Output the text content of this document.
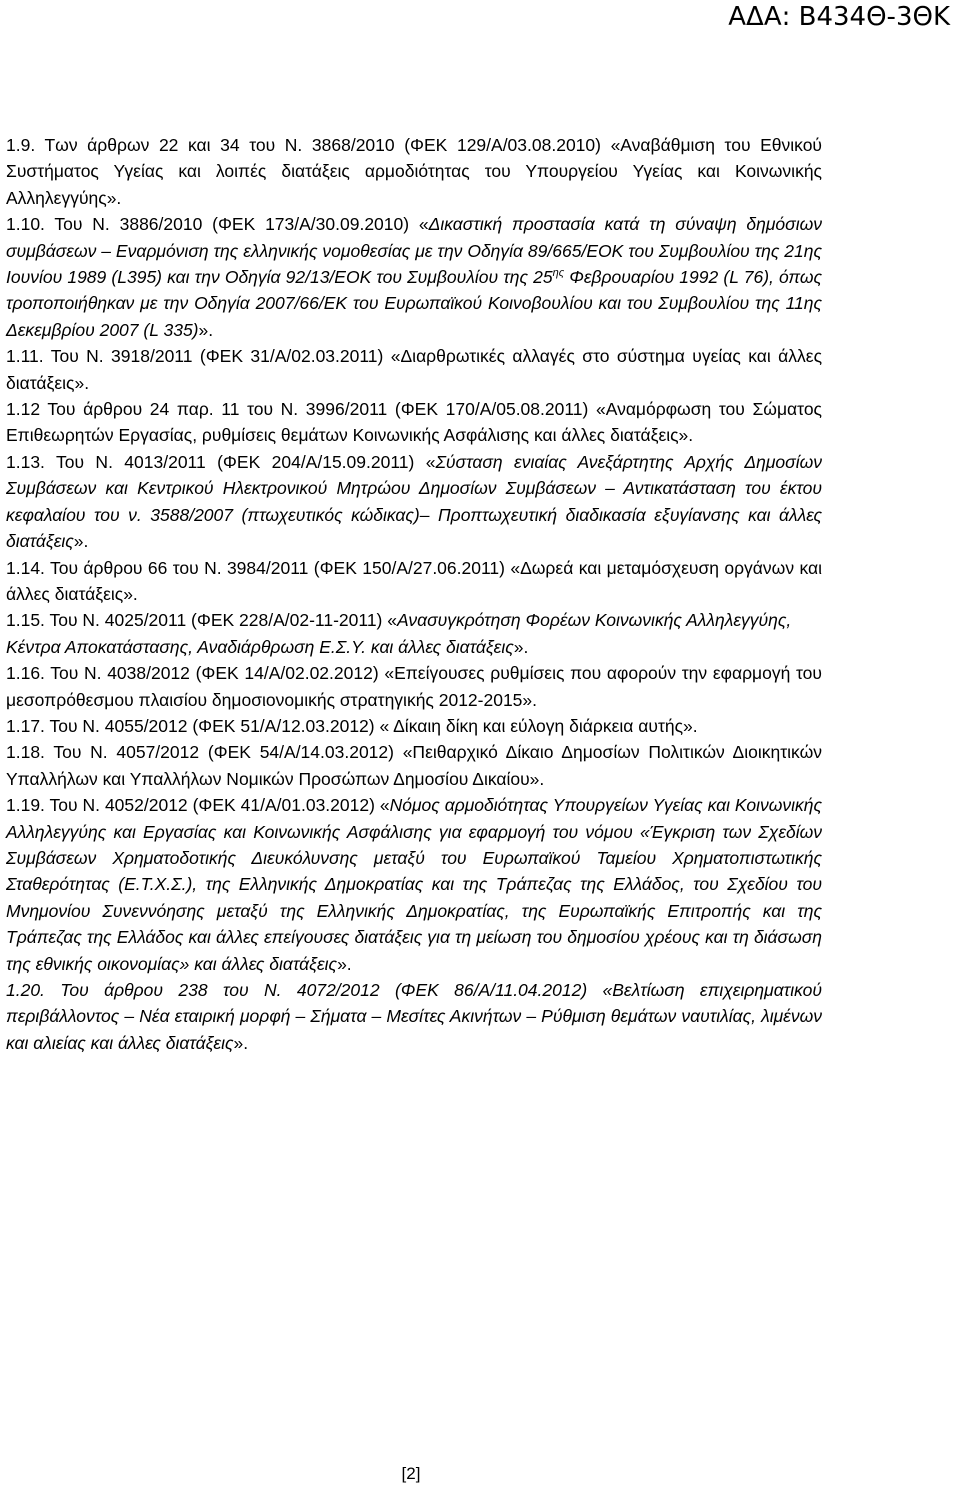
ΑΔΑ: Β434Θ-3ΘΚ

1.9. Των άρθρων 22 και 34 του Ν. 3868/2010 (ΦΕΚ 129/Α/03.08.2010) «Αναβάθμιση του Εθνικού Συστήματος Υγείας και λοιπές διατάξεις αρμοδιότητας του Υπουργείου Υγείας και Κοινωνικής Αλληλεγγύης».

1.10. Του Ν. 3886/2010 (ΦΕΚ 173/Α/30.09.2010) «Δικαστική προστασία κατά τη σύναψη δημόσιων συμβάσεων ‒ Εναρμόνιση της ελληνικής νομοθεσίας με την Οδηγία 89/665/ΕΟΚ του Συμβουλίου της 21ης Ιουνίου 1989 (L395) και την Οδηγία 92/13/ΕΟΚ του Συμβουλίου της $25^{\eta\varsigma}$ Φεβρουαρίου 1992 (L 76), όπως τροποποιήθηκαν με την Οδηγία 2007/66/ΕΚ του Ευρωπαϊκού Κοινοβουλίου και του Συμβουλίου της 11ης Δεκεμβρίου 2007 (L 335)».

1.11. Του Ν. 3918/2011 (ΦΕΚ 31/Α/02.03.2011) «Διαρθρωτικές αλλαγές στο σύστημα υγείας και άλλες διατάξεις».

1.12 Του άρθρου 24 παρ. 11 του Ν. 3996/2011 (ΦΕΚ 170/Α/05.08.2011) «Αναμόρφωση του Σώματος Επιθεωρητών Εργασίας, ρυθμίσεις θεμάτων Κοινωνικής Ασφάλισης και άλλες διατάξεις».

1.13. Του Ν. 4013/2011 (ΦΕΚ 204/Α/15.09.2011) «Σύσταση ενιαίας Ανεξάρτητης Αρχής Δημοσίων Συμβάσεων και Κεντρικού Ηλεκτρονικού Μητρώου Δημοσίων Συμβάσεων ‒ Αντικατάσταση του έκτου κεφαλαίου του ν. 3588/2007 (πτωχευτικός κώδικας)‒ Προπτωχευτική διαδικασία εξυγίανσης και άλλες διατάξεις».

1.14. Του άρθρου 66 του Ν. 3984/2011 (ΦΕΚ 150/Α/27.06.2011) «Δωρεά και μεταμόσχευση οργάνων και άλλες διατάξεις».

1.15. Του Ν. 4025/2011 (ΦΕΚ 228/Α/02-11-2011) «Ανασυγκρότηση Φορέων Κοινωνικής Αλληλεγγύης, Κέντρα Αποκατάστασης, Αναδιάρθρωση Ε.Σ.Υ. και άλλες διατάξεις».

1.16. Του Ν. 4038/2012 (ΦΕΚ 14/Α/02.02.2012) «Επείγουσες ρυθμίσεις που αφορούν την εφαρμογή του μεσοπρόθεσμου πλαισίου δημοσιονομικής στρατηγικής 2012-2015».

1.17. Του Ν. 4055/2012 (ΦΕΚ 51/Α/12.03.2012) « Δίκαιη δίκη και εύλογη διάρκεια αυτής».

1.18. Του Ν. 4057/2012 (ΦΕΚ 54/Α/14.03.2012) «Πειθαρχικό Δίκαιο Δημοσίων Πολιτικών Διοικητικών Υπαλλήλων και Υπαλλήλων Νομικών Προσώπων Δημοσίου Δικαίου».

1.19. Του Ν. 4052/2012 (ΦΕΚ 41/Α/01.03.2012) «Νόμος αρμοδιότητας Υπουργείων Υγείας και Κοινωνικής Αλληλεγγύης και Εργασίας και Κοινωνικής Ασφάλισης για εφαρμογή του νόμου «Έγκριση των Σχεδίων Συμβάσεων Χρηματοδοτικής Διευκόλυνσης μεταξύ του Ευρωπαϊκού Ταμείου Χρηματοπιστωτικής Σταθερότητας (Ε.Τ.Χ.Σ.), της Ελληνικής Δημοκρατίας και της Τράπεζας της Ελλάδος, του Σχεδίου του Μνημονίου Συνεννόησης μεταξύ της Ελληνικής Δημοκρατίας, της Ευρωπαϊκής Επιτροπής και της Τράπεζας της Ελλάδος και άλλες επείγουσες διατάξεις για τη μείωση του δημοσίου χρέους και τη διάσωση της εθνικής οικονομίας» και άλλες διατάξεις».

1.20. Του άρθρου 238 του Ν. 4072/2012 (ΦΕΚ 86/Α/11.04.2012) «Βελτίωση επιχειρηματικού περιβάλλοντος ‒ Νέα εταιρική μορφή ‒ Σήματα ‒ Μεσίτες Ακινήτων ‒ Ρύθμιση θεμάτων ναυτιλίας, λιμένων και αλιείας και άλλες διατάξεις».

[2]
